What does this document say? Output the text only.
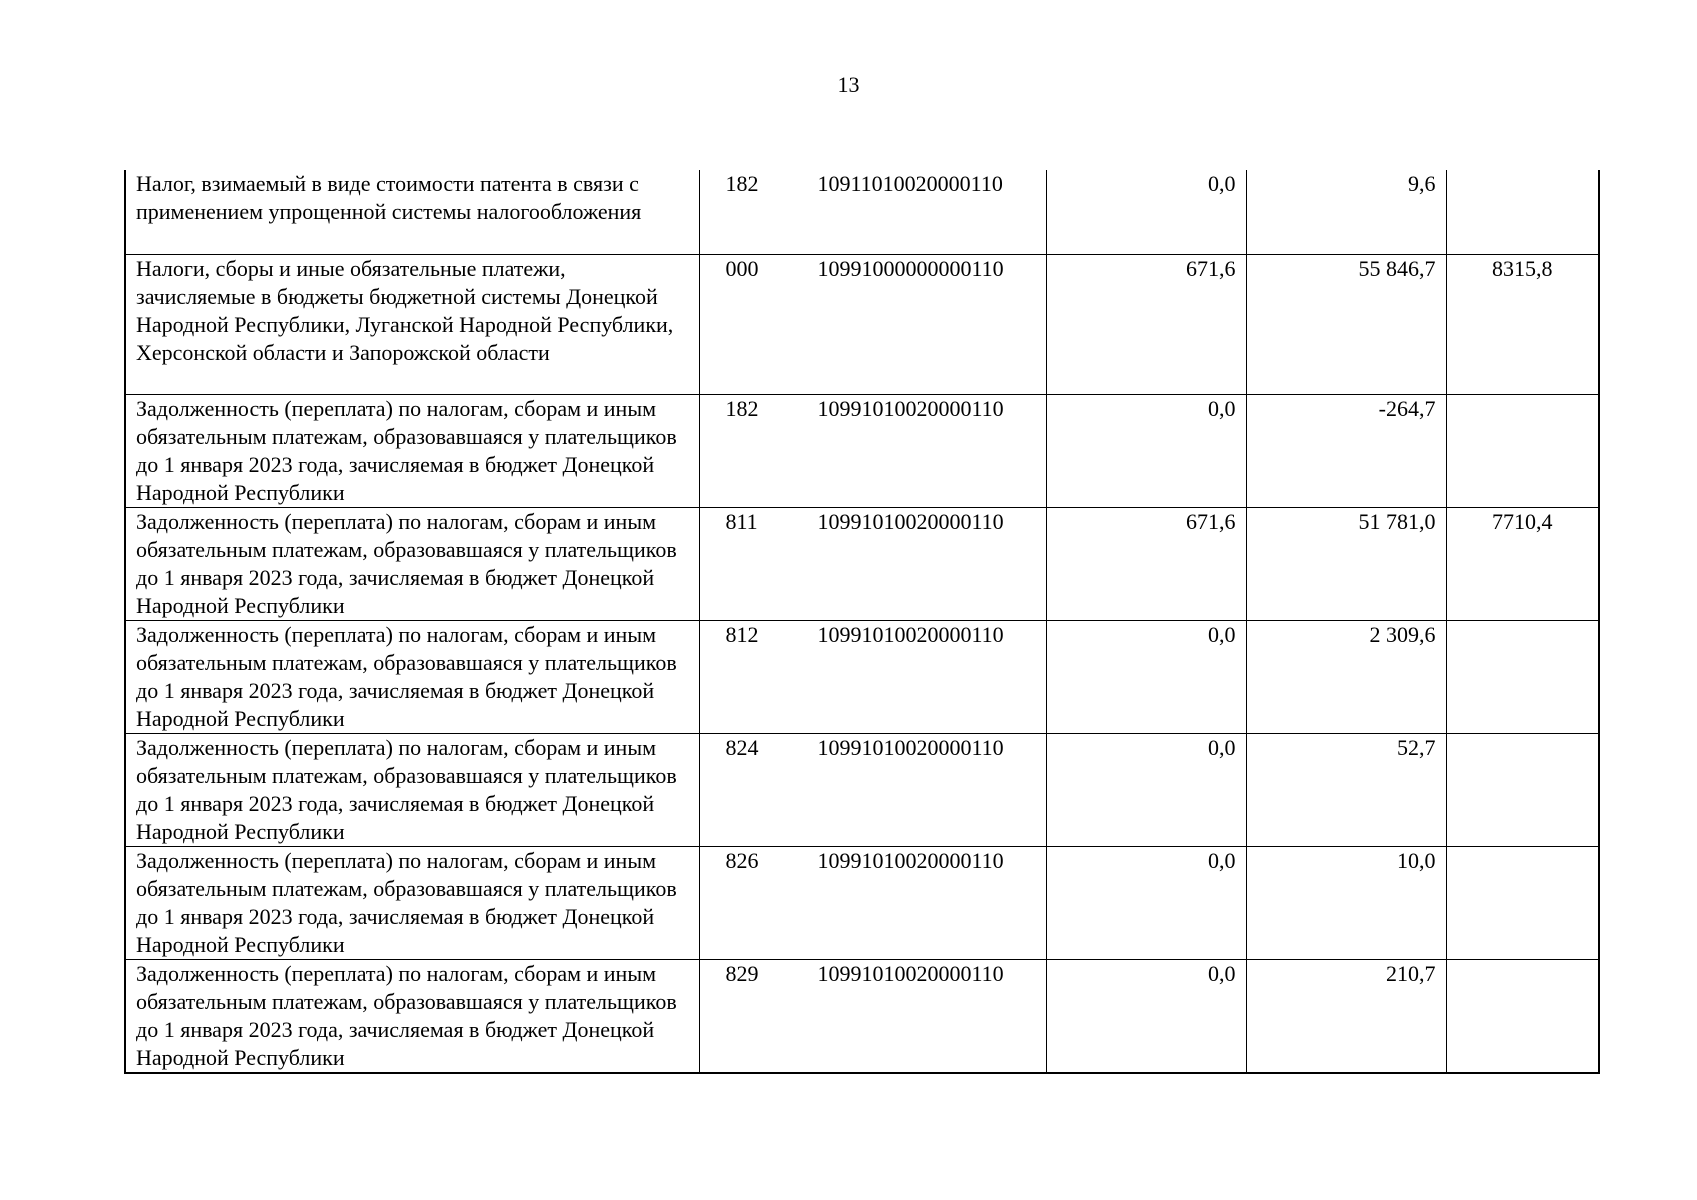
13
Налог, взимаемый в виде стоимости патента в связи с применением упрощенной системы налогообложения	182 10911010020000110	0,0	9,6	

Налоги, сборы и иные обязательные платежи, зачисляемые в бюджеты бюджетной системы Донецкой Народной Республики, Луганской Народной Республики, Херсонской области и Запорожской области	000 10991000000000110	671,6	55 846,7	8315,8

Задолженность (переплата) по налогам, сборам и иным обязательным платежам, образовавшаяся у плательщиков до 1 января 2023 года, зачисляемая в бюджет Донецкой Народной Республики	182 10991010020000110	0,0	-264,7	

Задолженность (переплата) по налогам, сборам и иным обязательным платежам, образовавшаяся у плательщиков до 1 января 2023 года, зачисляемая в бюджет Донецкой Народной Республики	811 10991010020000110	671,6	51 781,0	7710,4

Задолженность (переплата) по налогам, сборам и иным обязательным платежам, образовавшаяся у плательщиков до 1 января 2023 года, зачисляемая в бюджет Донецкой Народной Республики	812 10991010020000110	0,0	2 309,6	

Задолженность (переплата) по налогам, сборам и иным обязательным платежам, образовавшаяся у плательщиков до 1 января 2023 года, зачисляемая в бюджет Донецкой Народной Республики	824 10991010020000110	0,0	52,7	

Задолженность (переплата) по налогам, сборам и иным обязательным платежам, образовавшаяся у плательщиков до 1 января 2023 года, зачисляемая в бюджет Донецкой Народной Республики	826 10991010020000110	0,0	10,0	

Задолженность (переплата) по налогам, сборам и иным обязательным платежам, образовавшаяся у плательщиков до 1 января 2023 года, зачисляемая в бюджет Донецкой Народной Республики	829 10991010020000110	0,0	210,7	
